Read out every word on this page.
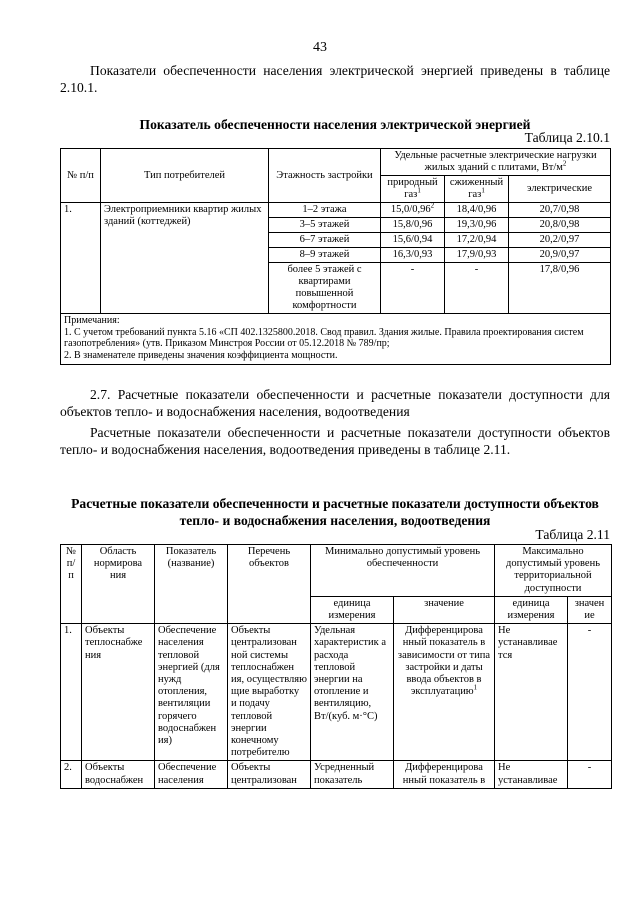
43
Показатели обеспеченности населения электрической энергией приведены в таблице 2.10.1.
Показатель обеспеченности населения электрической энергией
Таблица 2.10.1
№ п/п	Тип потребителей	Этажность застройки	Удельные расчетные электрические нагрузки жилых зданий с плитами, $Вт/м^2$
			природный газ$^1$	сжиженный газ$^1$	электрические
1.	Электроприемники квартир жилых зданий (коттеджей)	1–2 этажа	15,0/0,96$^2$	18,4/0,96	20,7/0,98
		3–5 этажей	15,8/0,96	19,3/0,96	20,8/0,98
		6–7 этажей	15,6/0,94	17,2/0,94	20,2/0,97
		8–9 этажей	16,3/0,93	17,9/0,93	20,9/0,97
		более 5 этажей с квартирами повышенной комфортности	-	-	17,8/0,96

Примечания:
1. С учетом требований пункта 5.16 «СП 402.1325800.2018. Свод правил. Здания жилые. Правила проектирования систем газопотребления» (утв. Приказом Минстроя России от 05.12.2018 № 789/пр;
2. В знаменателе приведены значения коэффициента мощности.					
2.7. Расчетные показатели обеспеченности и расчетные показатели доступности для объектов тепло- и водоснабжения населения, водоотведения
Расчетные показатели обеспеченности и расчетные показатели доступности объектов тепло- и водоснабжения населения, водоотведения приведены в таблице 2.11.
Расчетные показатели обеспеченности и расчетные показатели доступности объектов тепло- и водоснабжения населения, водоотведения
Таблица 2.11
№ п/ п	Область нормирова ния	Показатель (название)	Перечень объектов	Минимально допустимый уровень обеспеченности		Максимально допустимый уровень территориальной доступности	
				единица измерения	значение	единица измерения	значен ие
1.	Объекты теплоснабже ния	Обеспечение населения тепловой энергией (для нужд отопления, вентиляции горячего водоснабжен ия)	Объекты централизован ной системы теплоснабжен ия, осуществляю щие выработку и подачу тепловой энергии конечному потребителю	Удельная характеристик а расхода тепловой энергии на отопление и вентиляцию, Вт/(куб. м·°С)	Дифференцирова нный показатель в зависимости от типа застройки и даты ввода объектов в эксплуатацию$^1$	Не устанавливае тся	-
2.	Объекты водоснабжен	Обеспечение населения	Объекты централизован	Усредненный показатель	Дифференцирова нный показатель в	Не устанавливае	-
